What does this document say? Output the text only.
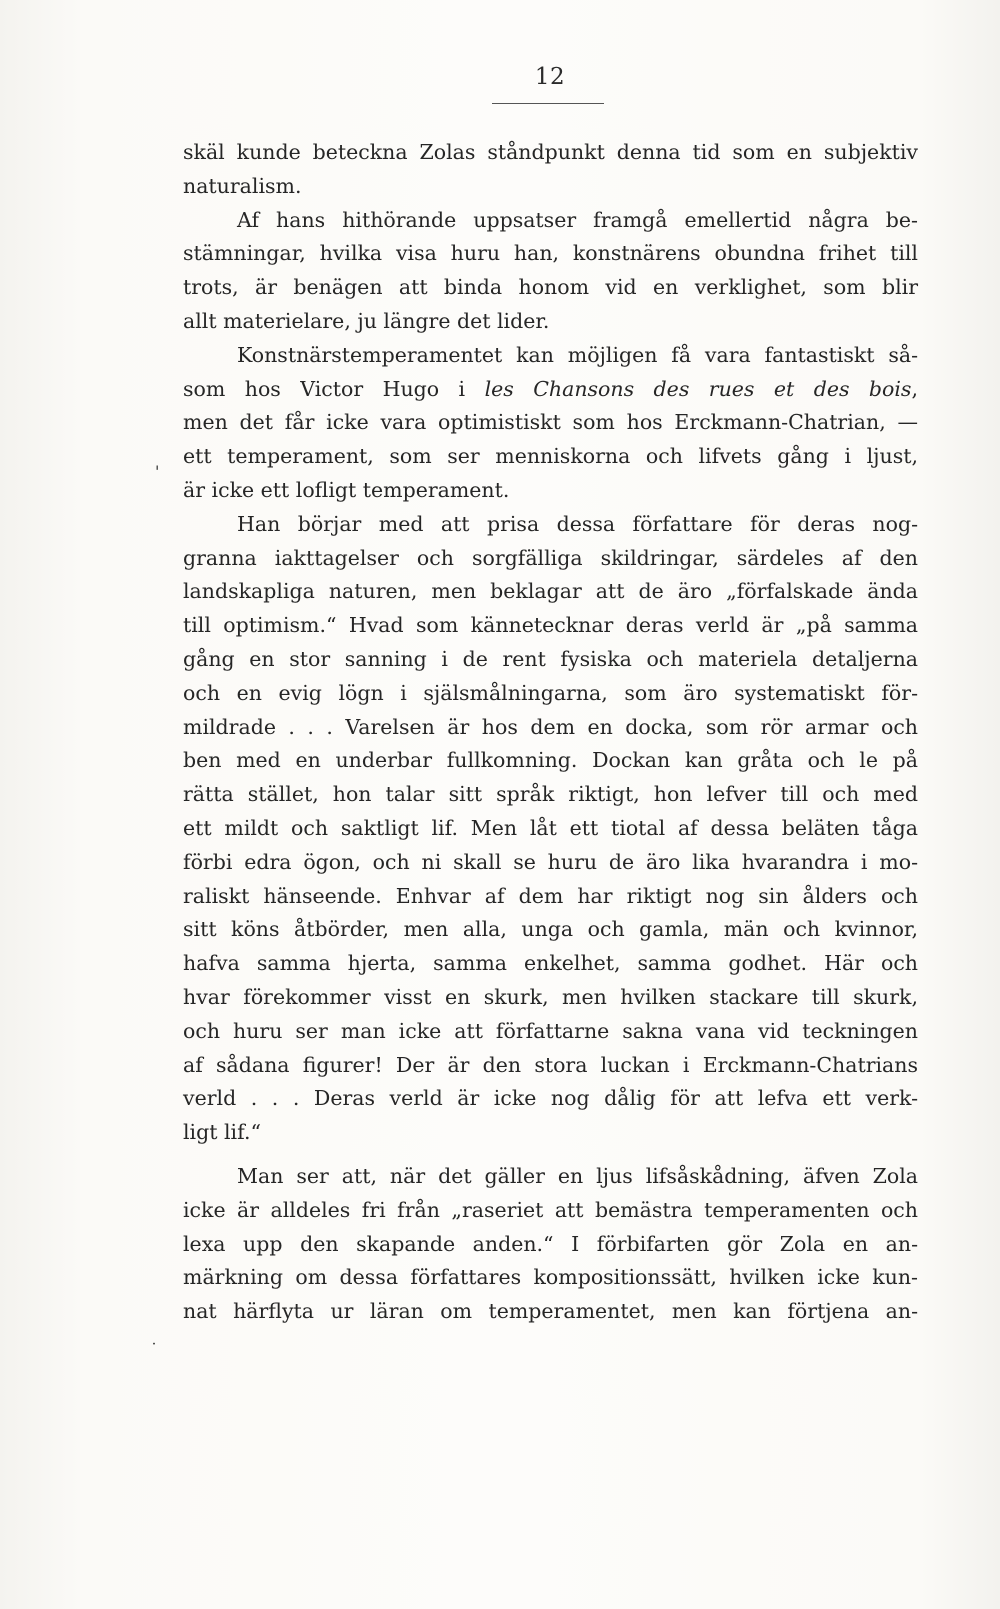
12
skäl kunde beteckna Zolas ståndpunkt denna tid som en subjektiv
naturalism.
Af hans hithörande uppsatser framgå emellertid några be-
stämningar, hvilka visa huru han, konstnärens obundna frihet till
trots, är benägen att binda honom vid en verklighet, som blir
allt materielare, ju längre det lider.
Konstnärstemperamentet kan möjligen få vara fantastiskt så-
som hos Victor Hugo i les Chansons des rues et des bois,
men det får icke vara optimistiskt som hos Erckmann-Chatrian, —
ett temperament, som ser menniskorna och lifvets gång i ljust,
är icke ett lofligt temperament.
Han börjar med att prisa dessa författare för deras nog-
granna iakttagelser och sorgfälliga skildringar, särdeles af den
landskapliga naturen, men beklagar att de äro „förfalskade ända
till optimism.“ Hvad som kännetecknar deras verld är „på samma
gång en stor sanning i de rent fysiska och materiela detaljerna
och en evig lögn i själsmålningarna, som äro systematiskt för-
mildrade . . . Varelsen är hos dem en docka, som rör armar och
ben med en underbar fullkomning. Dockan kan gråta och le på
rätta stället, hon talar sitt språk riktigt, hon lefver till och med
ett mildt och saktligt lif. Men låt ett tiotal af dessa beläten tåga
förbi edra ögon, och ni skall se huru de äro lika hvarandra i mo-
raliskt hänseende. Enhvar af dem har riktigt nog sin ålders och
sitt köns åtbörder, men alla, unga och gamla, män och kvinnor,
hafva samma hjerta, samma enkelhet, samma godhet. Här och
hvar förekommer visst en skurk, men hvilken stackare till skurk,
och huru ser man icke att författarne sakna vana vid teckningen
af sådana figurer! Der är den stora luckan i Erckmann-Chatrians
verld . . . Deras verld är icke nog dålig för att lefva ett verk-
ligt lif.“
Man ser att, när det gäller en ljus lifsåskådning, äfven Zola
icke är alldeles fri från „raseriet att bemästra temperamenten och
lexa upp den skapande anden.“ I förbifarten gör Zola en an-
märkning om dessa författares kompositionssätt, hvilken icke kun-
nat härflyta ur läran om temperamentet, men kan förtjena an-
'
˙
